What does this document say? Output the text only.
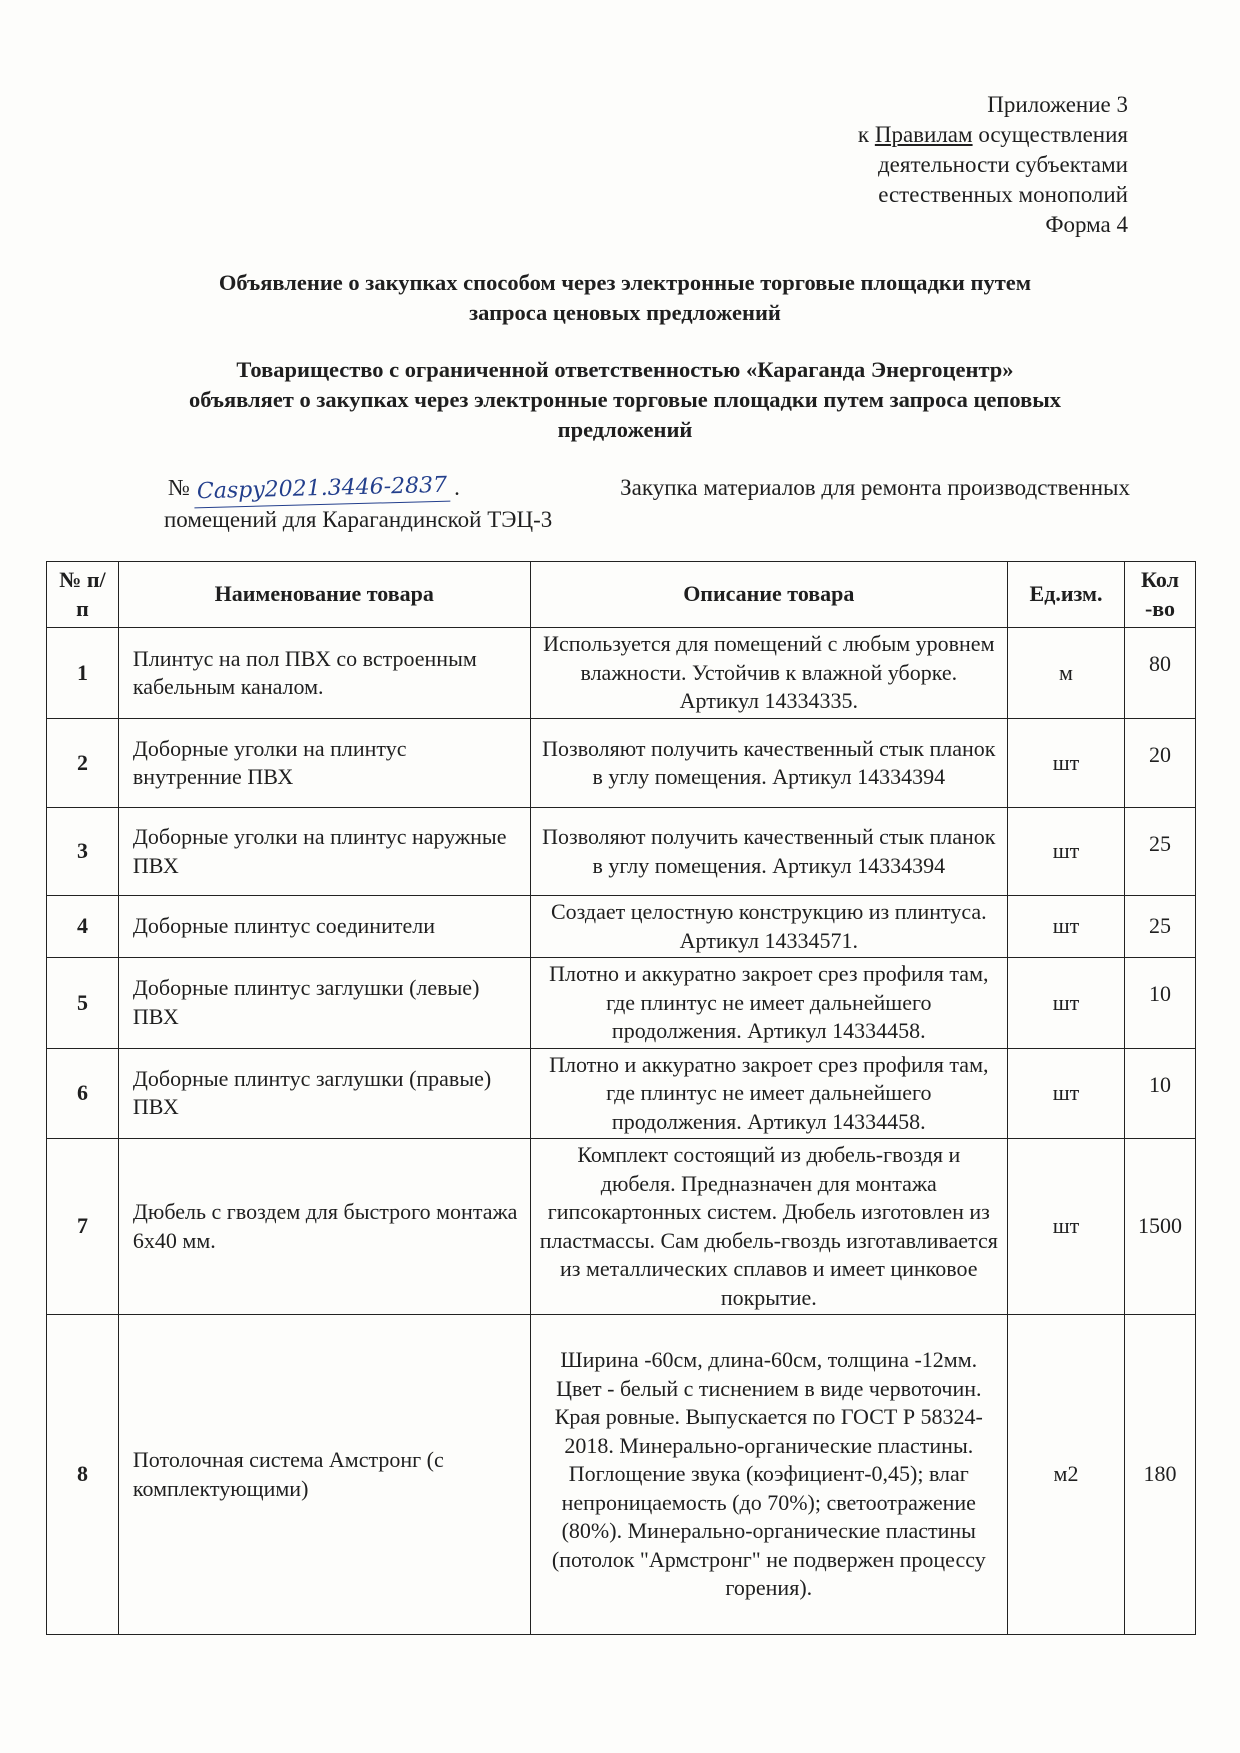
Приложение 3
к Правилам осуществления
деятельности субъектами
естественных монополий
Форма 4
Объявление о закупках способом через электронные торговые площадки путем
запроса ценовых предложений
Товарищество с ограниченной ответственностью «Караганда Энергоцентр»
объявляет о закупках через электронные торговые площадки путем запроса цеповых
предложений
№ Caspy2021.3446-2837 .	Закупка материалов для ремонта производственных
помещений для Карагандинской ТЭЦ-3
№ п/п	Наименование товара	Описание товара	Ед.изм.	Кол -во
1	Плинтус на пол ПВХ со встроенным кабельным каналом.	Используется для помещений с любым уровнем влажности. Устойчив к влажной уборке. Артикул 14334335.	м	80
2	Доборные уголки на плинтус внутренние ПВХ	Позволяют получить качественный стык планок в углу помещения. Артикул 14334394	шт	20
3	Доборные уголки на плинтус наружные ПВХ	Позволяют получить качественный стык планок в углу помещения. Артикул 14334394	шт	25
4	Доборные плинтус соединители	Создает целостную конструкцию из плинтуса. Артикул 14334571.	шт	25
5	Доборные плинтус заглушки (левые) ПВХ	Плотно и аккуратно закроет срез профиля там, где плинтус не имеет дальнейшего продолжения. Артикул 14334458.	шт	10
6	Доборные плинтус заглушки (правые) ПВХ	Плотно и аккуратно закроет срез профиля там, где плинтус не имеет дальнейшего продолжения. Артикул 14334458.	шт	10
7	Дюбель с гвоздем для быстрого монтажа 6х40 мм.	Комплект состоящий из дюбель-гвоздя и дюбеля. Предназначен для монтажа гипсокартонных систем. Дюбель изготовлен из пластмассы. Сам дюбель-гвоздь изготавливается из металлических сплавов и имеет цинковое покрытие.	шт	1500
8	Потолочная система Амстронг (с комплектующими)	Ширина -60см, длина-60см, толщина -12мм. Цвет - белый с тиснением в виде червоточин. Края ровные. Выпускается по ГОСТ Р 58324-2018. Минерально-органические пластины. Поглощение звука (коэфициент-0,45); влаг непроницаемость (до 70%); светоотражение (80%). Минерально-органические пластины (потолок "Армстронг" не подвержен процессу горения).	м2	180
